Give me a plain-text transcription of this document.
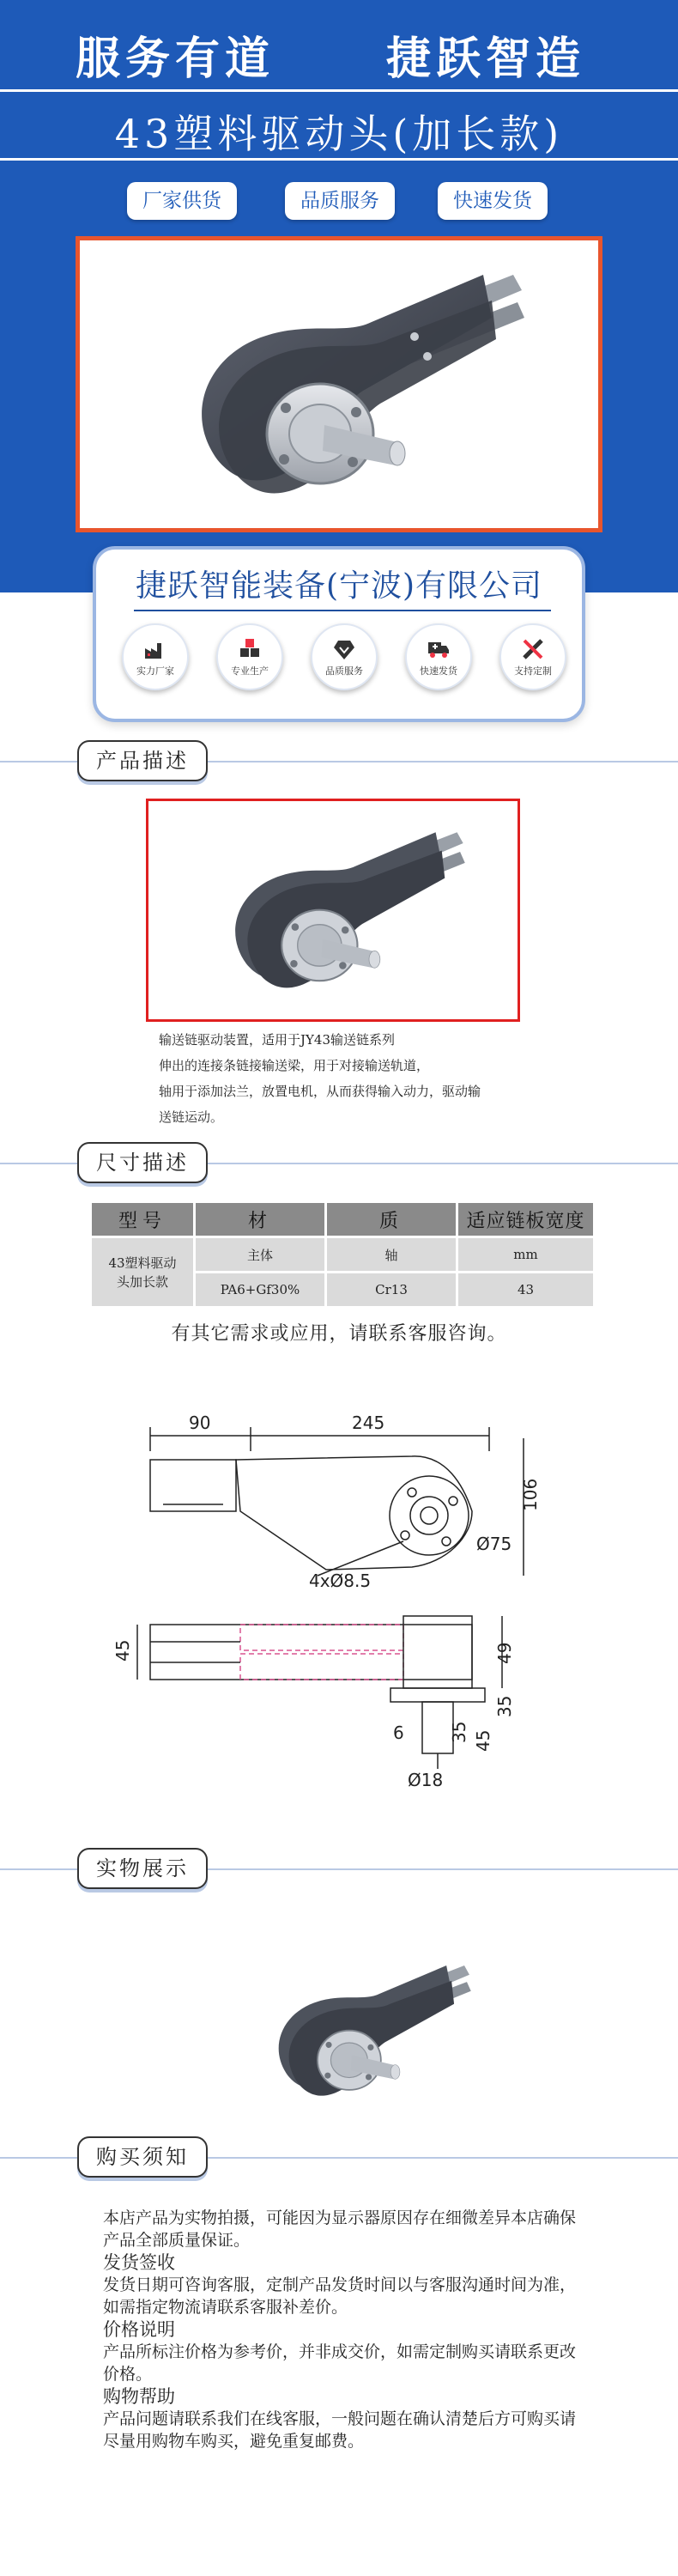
服务有道 捷跃智造
43塑料驱动头(加长款)
厂家供货	品质服务	快速发货
捷跃智能装备(宁波)有限公司
实力厂家	专业生产	品质服务	快速发货	支持定制
产品描述
输送链驱动装置，适用于JY43输送链系列
伸出的连接条链接输送梁，用于对接输送轨道，
轴用于添加法兰，放置电机，从而获得输入动力，驱动输
送链运动。
尺寸描述
型号	材	质	适应链板宽度
43塑料驱动头加长款	主体	轴	mm
	PA6+Gf30%	Cr13	43
有其它需求或应用，请联系客服咨询。
90	245
106
Ø75
4xØ8.5
45	49
35
45
6	35
Ø18
实物展示
购买须知
本店产品为实物拍摄，可能因为显示器原因存在细微差异本店确保产品全部质量保证。
发货签收
发货日期可咨询客服，定制产品发货时间以与客服沟通时间为准，如需指定物流请联系客服补差价。
价格说明
产品所标注价格为参考价，并非成交价，如需定制购买请联系更改价格。
购物帮助
产品问题请联系我们在线客服，一般问题在确认清楚后方可购买请尽量用购物车购买，避免重复邮费。
